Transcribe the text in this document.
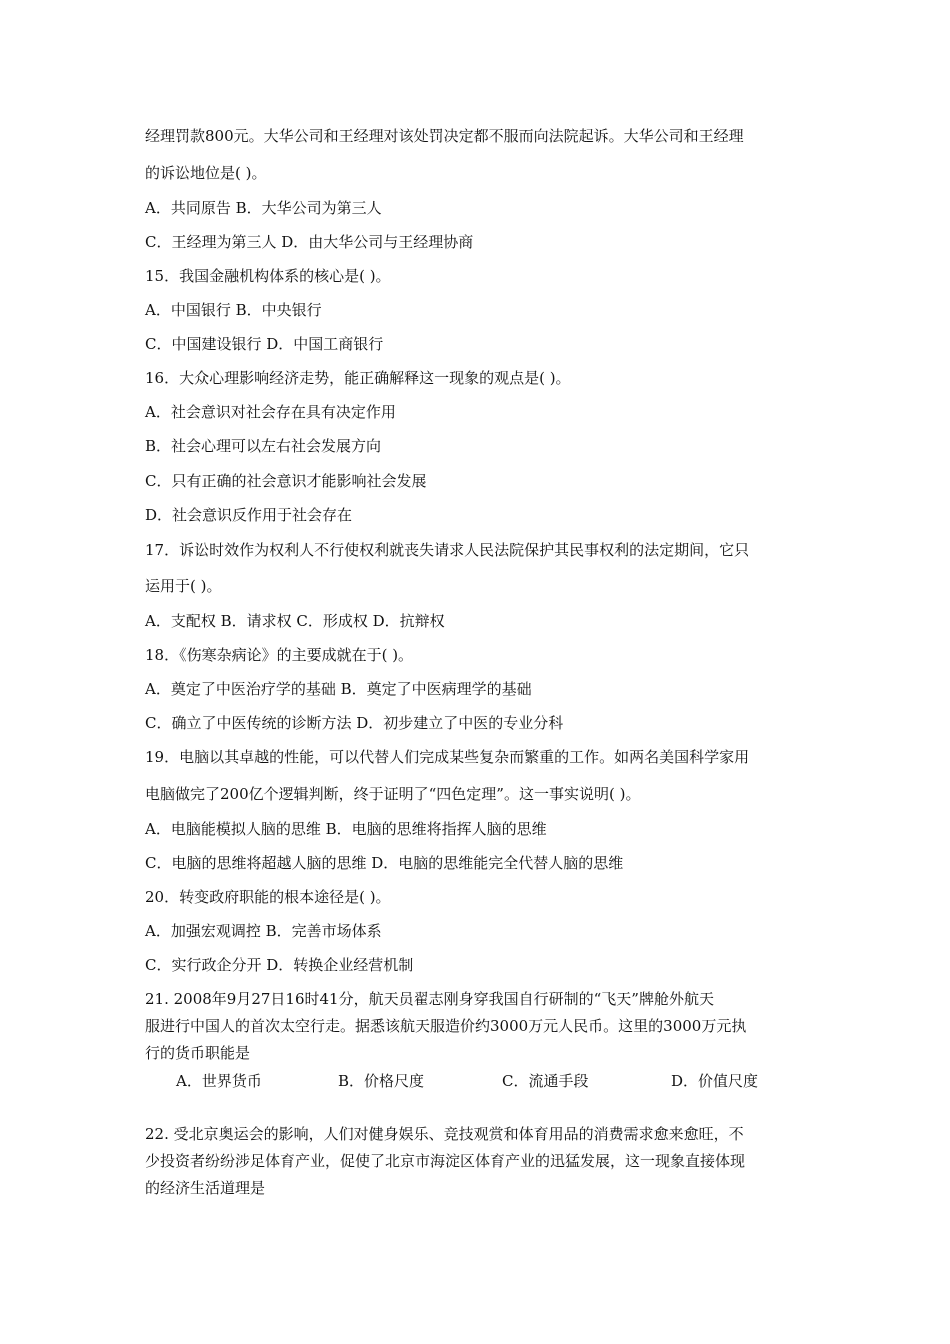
经理罚款800元。大华公司和王经理对该处罚决定都不服而向法院起诉。大华公司和王经理
的诉讼地位是( )。
A．共同原告 B．大华公司为第三人
C．王经理为第三人 D．由大华公司与王经理协商
15．我国金融机构体系的核心是( )。
A．中国银行 B．中央银行
C．中国建设银行 D．中国工商银行
16．大众心理影响经济走势，能正确解释这一现象的观点是( )。
A．社会意识对社会存在具有决定作用
B．社会心理可以左右社会发展方向
C．只有正确的社会意识才能影响社会发展
D．社会意识反作用于社会存在
17．诉讼时效作为权利人不行使权利就丧失请求人民法院保护其民事权利的法定期间，它只
运用于( )。
A．支配权 B．请求权 C．形成权 D．抗辩权
18．《伤寒杂病论》的主要成就在于( )。
A．奠定了中医治疗学的基础 B．奠定了中医病理学的基础
C．确立了中医传统的诊断方法 D．初步建立了中医的专业分科
19．电脑以其卓越的性能，可以代替人们完成某些复杂而繁重的工作。如两名美国科学家用
电脑做完了200亿个逻辑判断，终于证明了“四色定理”。这一事实说明( )。
A．电脑能模拟人脑的思维 B．电脑的思维将指挥人脑的思维
C．电脑的思维将超越人脑的思维 D．电脑的思维能完全代替人脑的思维
20．转变政府职能的根本途径是( )。
A．加强宏观调控 B．完善市场体系
C．实行政企分开 D．转换企业经营机制
21. 2008年9月27日16时41分，航天员翟志刚身穿我国自行研制的“飞天”牌舱外航天
服进行中国人的首次太空行走。据悉该航天服造价约3000万元人民币。这里的3000万元执
行的货币职能是
A．世界货币	B．价格尺度	C．流通手段	D．价值尺度
22. 受北京奥运会的影响，人们对健身娱乐、竞技观赏和体育用品的消费需求愈来愈旺，不
少投资者纷纷涉足体育产业，促使了北京市海淀区体育产业的迅猛发展，这一现象直接体现
的经济生活道理是
